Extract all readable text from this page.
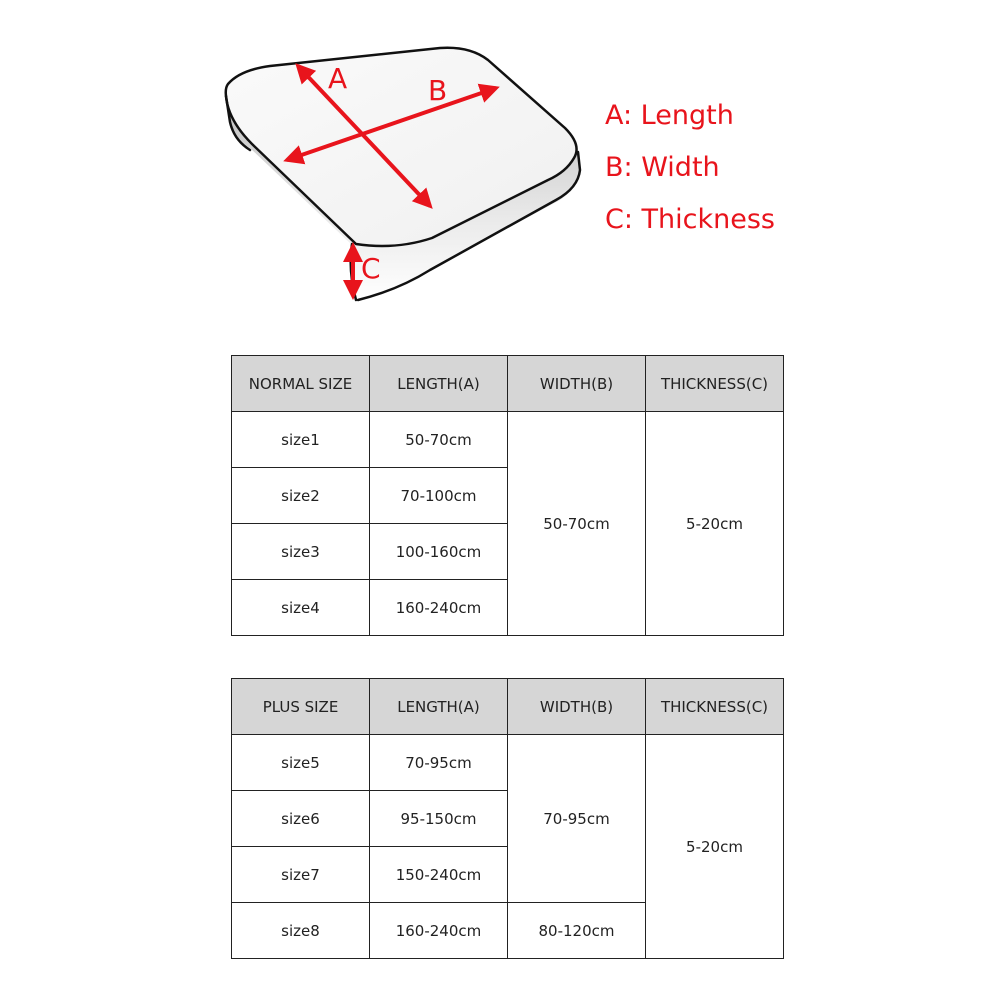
A	B
C
A: Length
B: Width
C: Thickness
NORMAL SIZE	LENGTH(A)	WIDTH(B)	THICKNESS(C)
size1	50-70cm	50-70cm	5-20cm
size2	70-100cm		
size3	100-160cm		
size4	160-240cm		
PLUS SIZE	LENGTH(A)	WIDTH(B)	THICKNESS(C)
size5	70-95cm	70-95cm	5-20cm
size6	95-150cm		
size7	150-240cm		
size8	160-240cm	80-120cm	
